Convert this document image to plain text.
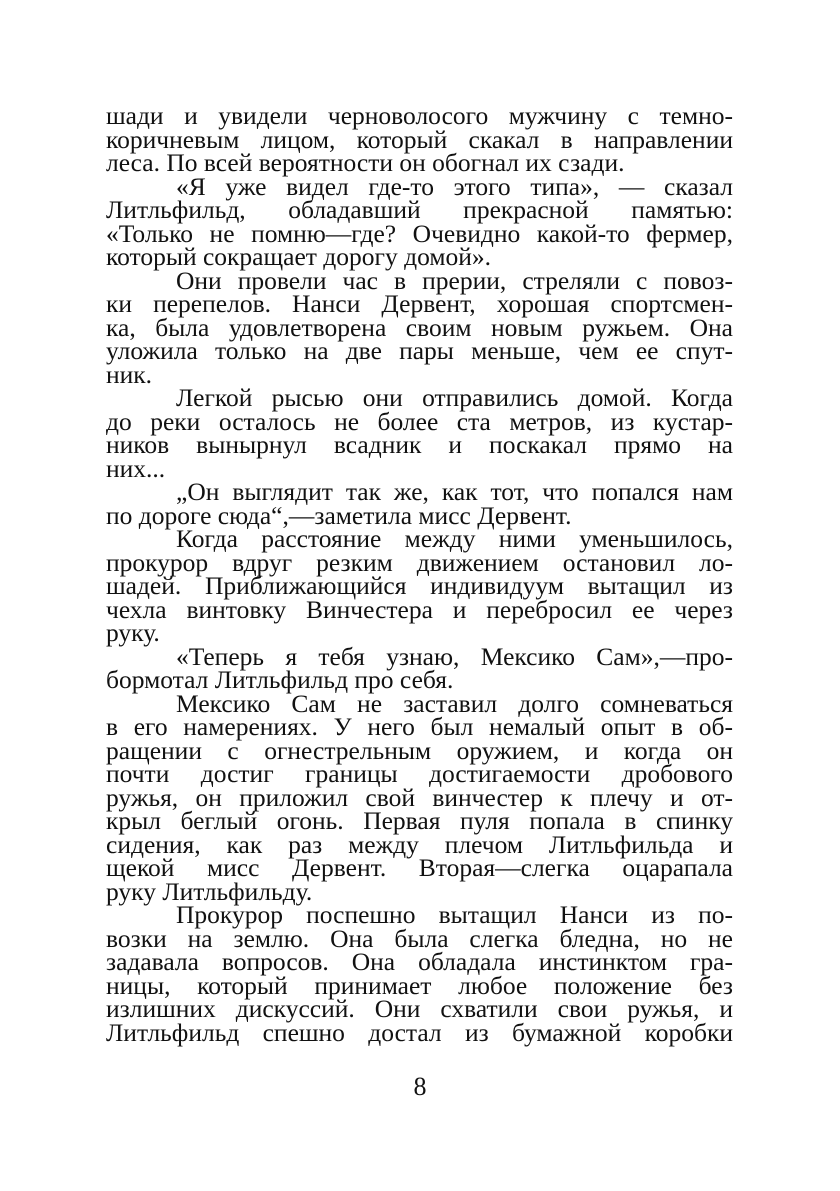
шади и увидели черноволосого мужчину с темно-
коричневым лицом, который скакал в направлении
леса. По всей вероятности он обогнал их сзади.
«Я уже видел где-то этого типа», — сказал
Литльфильд, обладавший прекрасной памятью:
«Только не помню—где? Очевидно какой-то фермер,
который сокращает дорогу домой».
Они провели час в прерии, стреляли с повоз-
ки перепелов. Нанси Дервент, хорошая спортсмен-
ка, была удовлетворена своим новым ружьем. Она
уложила только на две пары меньше, чем ее спут-
ник.
Легкой рысью они отправились домой. Когда
до реки осталось не более ста метров, из кустар-
ников вынырнул всадник и поскакал прямо на
них...
„Он выглядит так же, как тот, что попался нам
по дороге сюда“,—заметила мисс Дервент.
Когда расстояние между ними уменьшилось,
прокурор вдруг резким движением остановил ло-
шадей. Приближающийся индивидуум вытащил из
чехла винтовку Винчестера и перебросил ее через
руку.
«Теперь я тебя узнаю, Мексико Сам»,—про-
бормотал Литльфильд про себя.
Мексико Сам не заставил долго сомневаться
в его намерениях. У него был немалый опыт в об-
ращении с огнестрельным оружием, и когда он
почти достиг границы достигаемости дробового
ружья, он приложил свой винчестер к плечу и от-
крыл беглый огонь. Первая пуля попала в спинку
сидения, как раз между плечом Литльфильда и
щекой мисс Дервент. Вторая—слегка оцарапала
руку Литльфильду.
Прокурор поспешно вытащил Нанси из по-
возки на землю. Она была слегка бледна, но не
задавала вопросов. Она обладала инстинктом гра-
ницы, который принимает любое положение без
излишних дискуссий. Они схватили свои ружья, и
Литльфильд спешно достал из бумажной коробки
8
